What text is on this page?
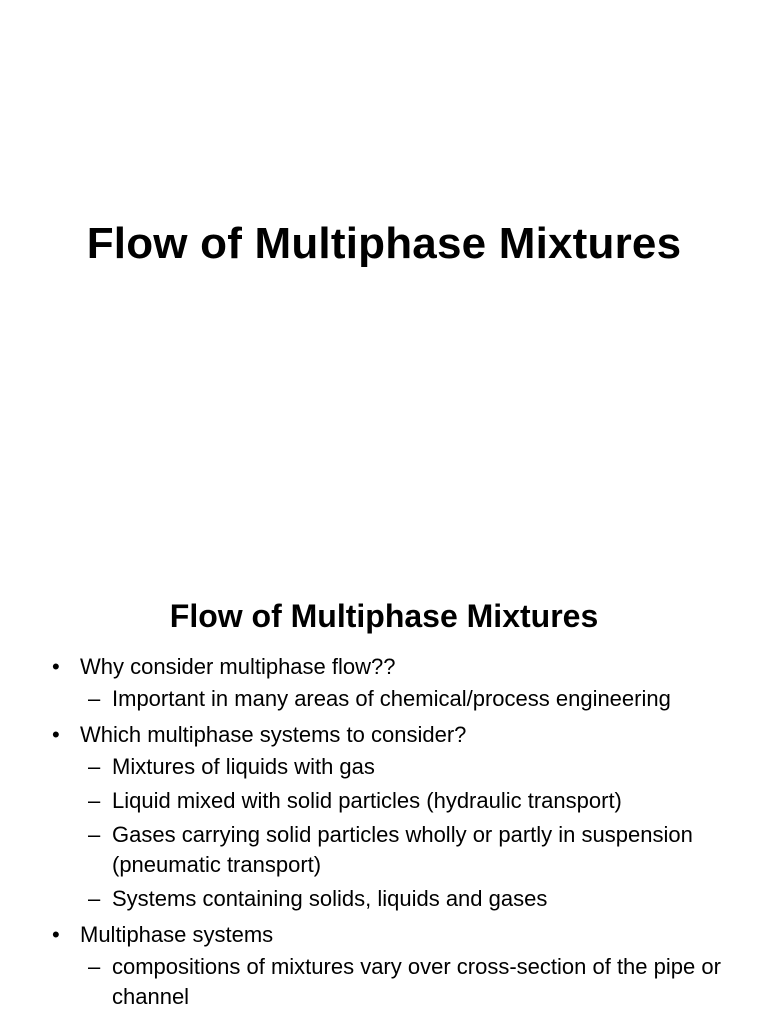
Flow of Multiphase Mixtures
Flow of Multiphase Mixtures
• Why consider multiphase flow??
– Important in many areas of chemical/process engineering
• Which multiphase systems to consider?
– Mixtures of liquids with gas
– Liquid mixed with solid particles (hydraulic transport)
– Gases carrying solid particles wholly or partly in suspension (pneumatic transport)
– Systems containing solids, liquids and gases
• Multiphase systems
– compositions of mixtures vary over cross-section of the pipe or channel
